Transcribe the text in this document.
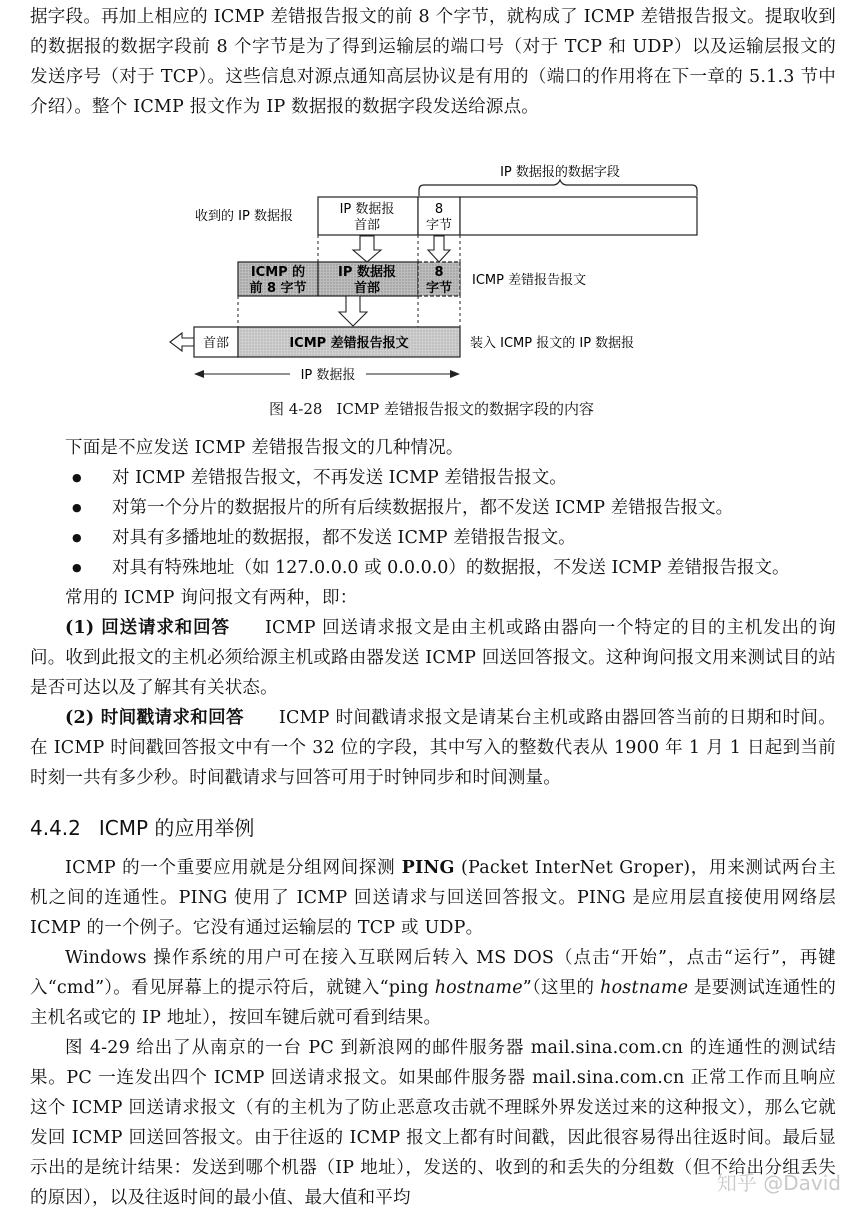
据字段。再加上相应的 ICMP 差错报告报文的前 8 个字节，就构成了 ICMP 差错报告报文。提取收到的数据报的数据字段前 8 个字节是为了得到运输层的端口号（对于 TCP 和 UDP）以及运输层报文的发送序号（对于 TCP）。这些信息对源点通知高层协议是有用的（端口的作用将在下一章的 5.1.3 节中介绍）。整个 ICMP 报文作为 IP 数据报的数据字段发送给源点。
IP 数据报的数据字段
收到的 IP 数据报	IP 数据报
首部
8
字节
ICMP 的
前 8 字节
IP 数据报
首部
8
字节
ICMP 差错报告报文
首部	ICMP 差错报告报文	装入 ICMP 报文的 IP 数据报
IP 数据报
图 4-28 ICMP 差错报告报文的数据字段的内容
下面是不应发送 ICMP 差错报告报文的几种情况。
● 对 ICMP 差错报告报文，不再发送 ICMP 差错报告报文。
● 对第一个分片的数据报片的所有后续数据报片，都不发送 ICMP 差错报告报文。
● 对具有多播地址的数据报，都不发送 ICMP 差错报告报文。
● 对具有特殊地址（如 127.0.0.0 或 0.0.0.0）的数据报，不发送 ICMP 差错报告报文。
常用的 ICMP 询问报文有两种，即：
(1) 回送请求和回答 ICMP 回送请求报文是由主机或路由器向一个特定的目的主机发出的询问。收到此报文的主机必须给源主机或路由器发送 ICMP 回送回答报文。这种询问报文用来测试目的站是否可达以及了解其有关状态。
(2) 时间戳请求和回答 ICMP 时间戳请求报文是请某台主机或路由器回答当前的日期和时间。在 ICMP 时间戳回答报文中有一个 32 位的字段，其中写入的整数代表从 1900 年 1 月 1 日起到当前时刻一共有多少秒。时间戳请求与回答可用于时钟同步和时间测量。
4.4.2 ICMP 的应用举例
ICMP 的一个重要应用就是分组网间探测 PING (Packet InterNet Groper)，用来测试两台主机之间的连通性。PING 使用了 ICMP 回送请求与回送回答报文。PING 是应用层直接使用网络层 ICMP 的一个例子。它没有通过运输层的 TCP 或 UDP。
Windows 操作系统的用户可在接入互联网后转入 MS DOS（点击“开始”，点击“运行”，再键入“cmd”）。看见屏幕上的提示符后，就键入“ping hostname”（这里的 hostname 是要测试连通性的主机名或它的 IP 地址），按回车键后就可看到结果。
图 4-29 给出了从南京的一台 PC 到新浪网的邮件服务器 mail.sina.com.cn 的连通性的测试结果。PC 一连发出四个 ICMP 回送请求报文。如果邮件服务器 mail.sina.com.cn 正常工作而且响应这个 ICMP 回送请求报文（有的主机为了防止恶意攻击就不理睬外界发送过来的这种报文），那么它就发回 ICMP 回送回答报文。由于往返的 ICMP 报文上都有时间戳，因此很容易得出往返时间。最后显示出的是统计结果：发送到哪个机器（IP 地址），发送的、收到的和丢失的分组数（但不给出分组丢失的原因），以及往返时间的最小值、最大值和平均
知乎 @David
